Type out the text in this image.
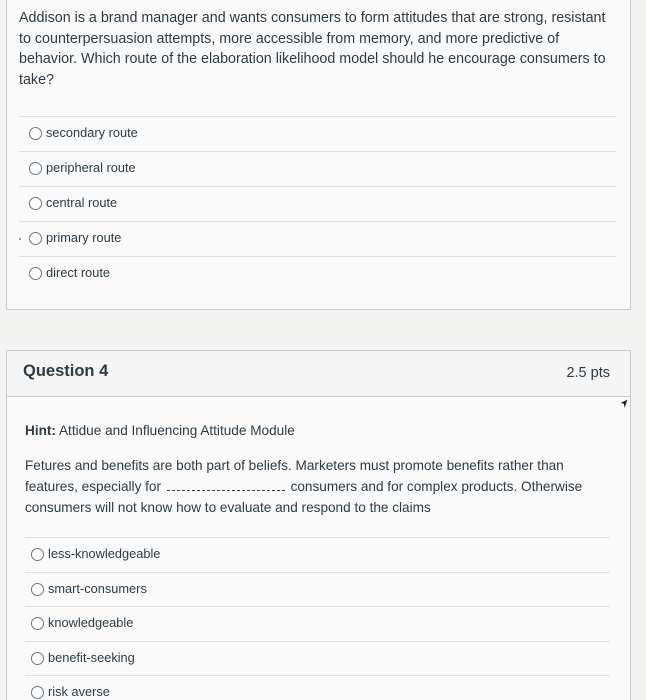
Addison is a brand manager and wants consumers to form attitudes that are strong, resistant to counterpersuasion attempts, more accessible from memory, and more predictive of behavior. Which route of the elaboration likelihood model should he encourage consumers to take?
secondary route
peripheral route
central route
primary route
direct route
Question 4	2.5 pts
Hint: Attidue and Influencing Attitude Module
Fetures and benefits are both part of beliefs. Marketers must promote benefits rather than features, especially for	consumers and for complex products. Otherwise consumers will not know how to evaluate and respond to the claims
less-knowledgeable
smart-consumers
knowledgeable
benefit-seeking
risk averse
